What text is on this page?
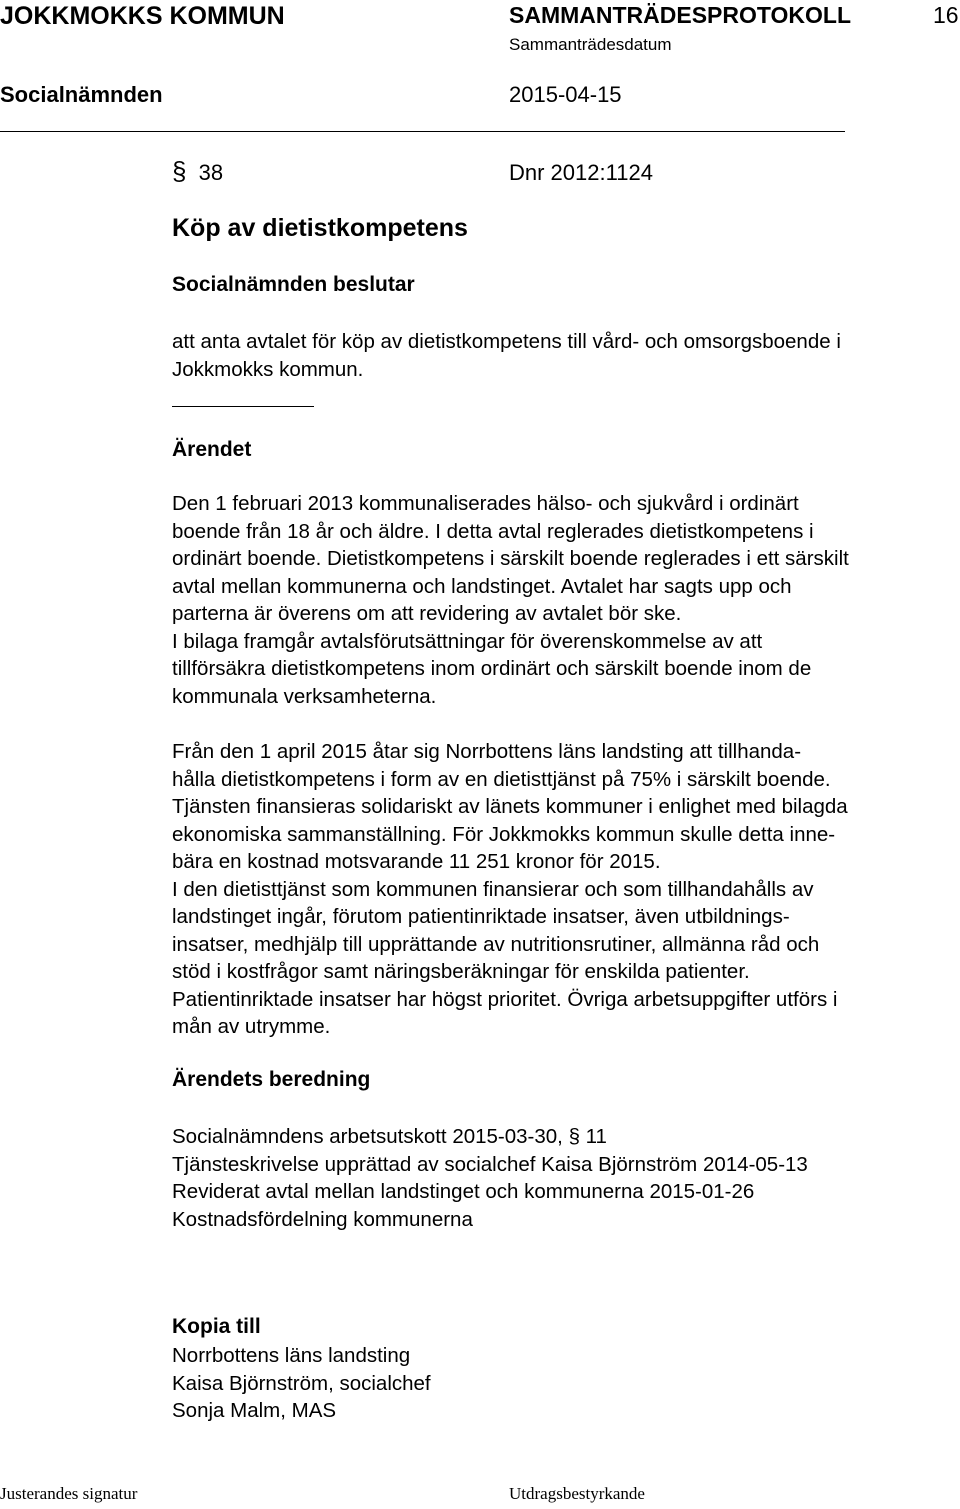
JOKKMOKKS KOMMUN	SAMMANTRÄDESPROTOKOLL	16
Sammanträdesdatum
Socialnämnden	2015-04-15
§ 38	Dnr 2012:1124
Köp av dietistkompetens
Socialnämnden beslutar
att anta avtalet för köp av dietistkompetens till vård- och omsorgsboende i
Jokkmokks kommun.
Ärendet
Den 1 februari 2013 kommunaliserades hälso- och sjukvård i ordinärt
boende från 18 år och äldre. I detta avtal reglerades dietistkompetens i
ordinärt boende. Dietistkompetens i särskilt boende reglerades i ett särskilt
avtal mellan kommunerna och landstinget. Avtalet har sagts upp och
parterna är överens om att revidering av avtalet bör ske.
I bilaga framgår avtalsförutsättningar för överenskommelse av att
tillförsäkra dietistkompetens inom ordinärt och särskilt boende inom de
kommunala verksamheterna.
Från den 1 april 2015 åtar sig Norrbottens läns landsting att tillhanda-
hålla dietistkompetens i form av en dietisttjänst på 75% i särskilt boende.
Tjänsten finansieras solidariskt av länets kommuner i enlighet med bilagda
ekonomiska sammanställning. För Jokkmokks kommun skulle detta inne-
bära en kostnad motsvarande 11 251 kronor för 2015.
I den dietisttjänst som kommunen finansierar och som tillhandahålls av
landstinget ingår, förutom patientinriktade insatser, även utbildnings-
insatser, medhjälp till upprättande av nutritionsrutiner, allmänna råd och
stöd i kostfrågor samt näringsberäkningar för enskilda patienter.
Patientinriktade insatser har högst prioritet. Övriga arbetsuppgifter utförs i
mån av utrymme.
Ärendets beredning
Socialnämndens arbetsutskott 2015-03-30, § 11
Tjänsteskrivelse upprättad av socialchef Kaisa Björnström 2014-05-13
Reviderat avtal mellan landstinget och kommunerna 2015-01-26
Kostnadsfördelning kommunerna
Kopia till
Norrbottens läns landsting
Kaisa Björnström, socialchef
Sonja Malm, MAS
Justerandes signatur	Utdragsbestyrkande
